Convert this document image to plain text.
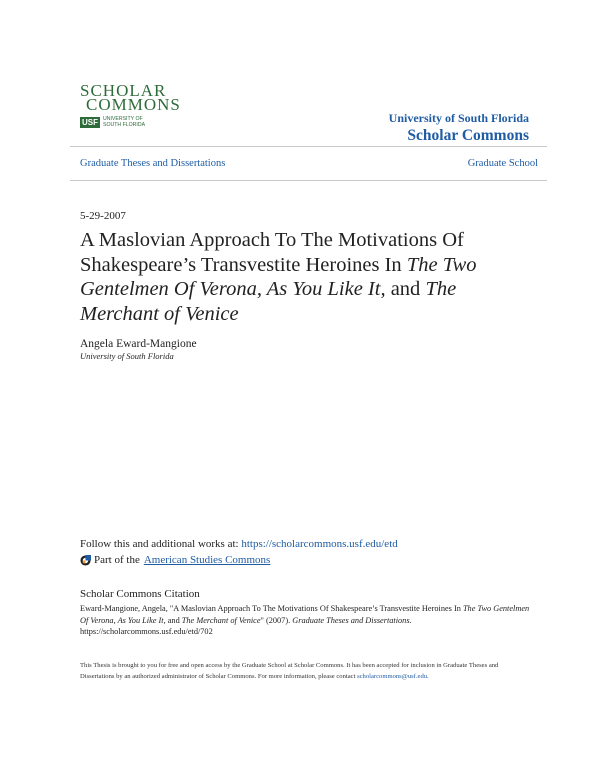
SCHOLAR
COMMONS
USF UNIVERSITY OF
SOUTH FLORIDA	University of South Florida
Scholar Commons
Graduate Theses and Dissertations	Graduate School
5-29-2007
A Maslovian Approach To The Motivations Of Shakespeare’s Transvestite Heroines In The Two Gentelmen Of Verona, As You Like It, and The Merchant of Venice
Angela Eward-Mangione
University of South Florida
Follow this and additional works at: https://scholarcommons.usf.edu/etd
Part of the American Studies Commons
Scholar Commons Citation
Eward-Mangione, Angela, "A Maslovian Approach To The Motivations Of Shakespeare’s Transvestite Heroines In The Two Gentelmen Of Verona, As You Like It, and The Merchant of Venice" (2007). Graduate Theses and Dissertations. https://scholarcommons.usf.edu/etd/702
This Thesis is brought to you for free and open access by the Graduate School at Scholar Commons. It has been accepted for inclusion in Graduate Theses and Dissertations by an authorized administrator of Scholar Commons. For more information, please contact scholarcommons@usf.edu.
